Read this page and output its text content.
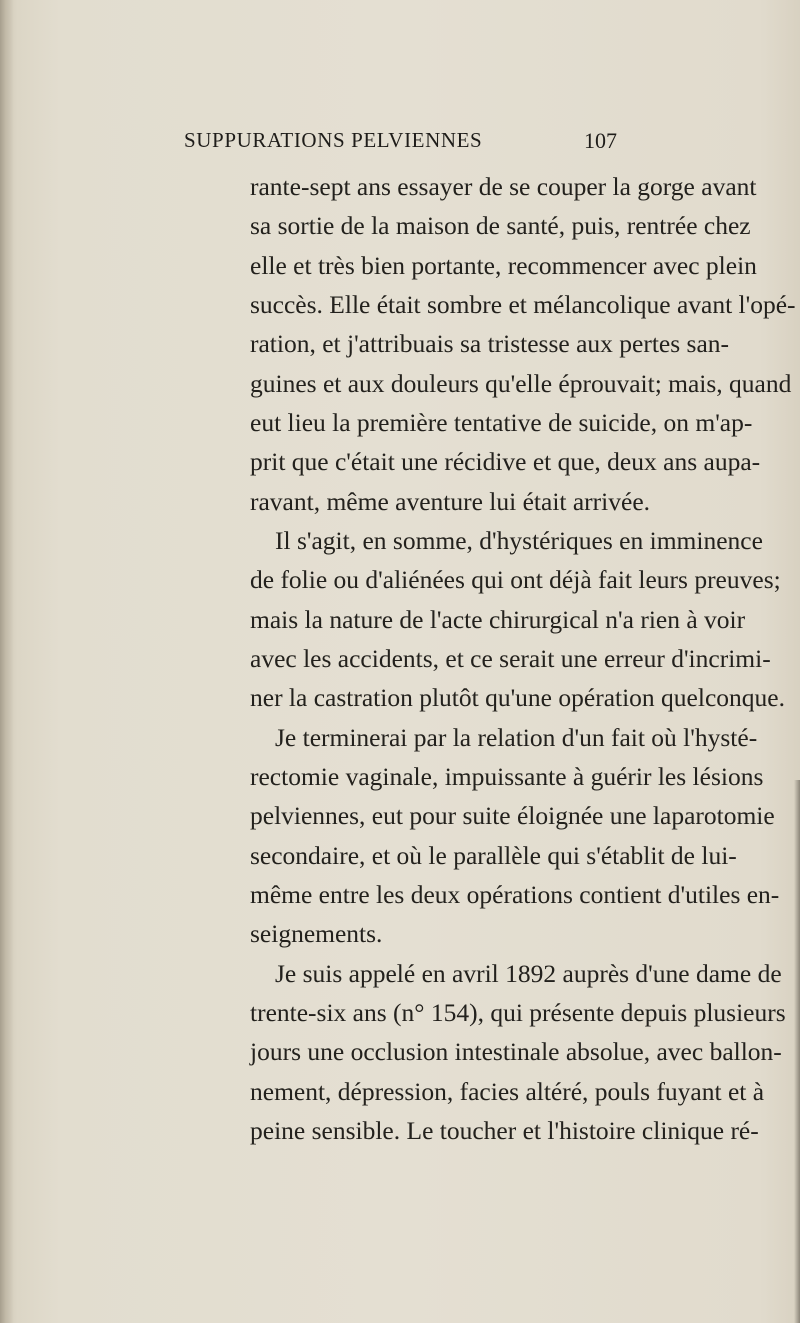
SUPPURATIONS PELVIENNES	107
rante-sept ans essayer de se couper la gorge avant
sa sortie de la maison de santé, puis, rentrée chez
elle et très bien portante, recommencer avec plein
succès. Elle était sombre et mélancolique avant l'opé-
ration, et j'attribuais sa tristesse aux pertes san-
guines et aux douleurs qu'elle éprouvait; mais, quand
eut lieu la première tentative de suicide, on m'ap-
prit que c'était une récidive et que, deux ans aupa-
ravant, même aventure lui était arrivée.
Il s'agit, en somme, d'hystériques en imminence
de folie ou d'aliénées qui ont déjà fait leurs preuves;
mais la nature de l'acte chirurgical n'a rien à voir
avec les accidents, et ce serait une erreur d'incrimi-
ner la castration plutôt qu'une opération quelconque.
Je terminerai par la relation d'un fait où l'hysté-
rectomie vaginale, impuissante à guérir les lésions
pelviennes, eut pour suite éloignée une laparotomie
secondaire, et où le parallèle qui s'établit de lui-
même entre les deux opérations contient d'utiles en-
seignements.
Je suis appelé en avril 1892 auprès d'une dame de
trente-six ans (n° 154), qui présente depuis plusieurs
jours une occlusion intestinale absolue, avec ballon-
nement, dépression, facies altéré, pouls fuyant et à
peine sensible. Le toucher et l'histoire clinique ré-
